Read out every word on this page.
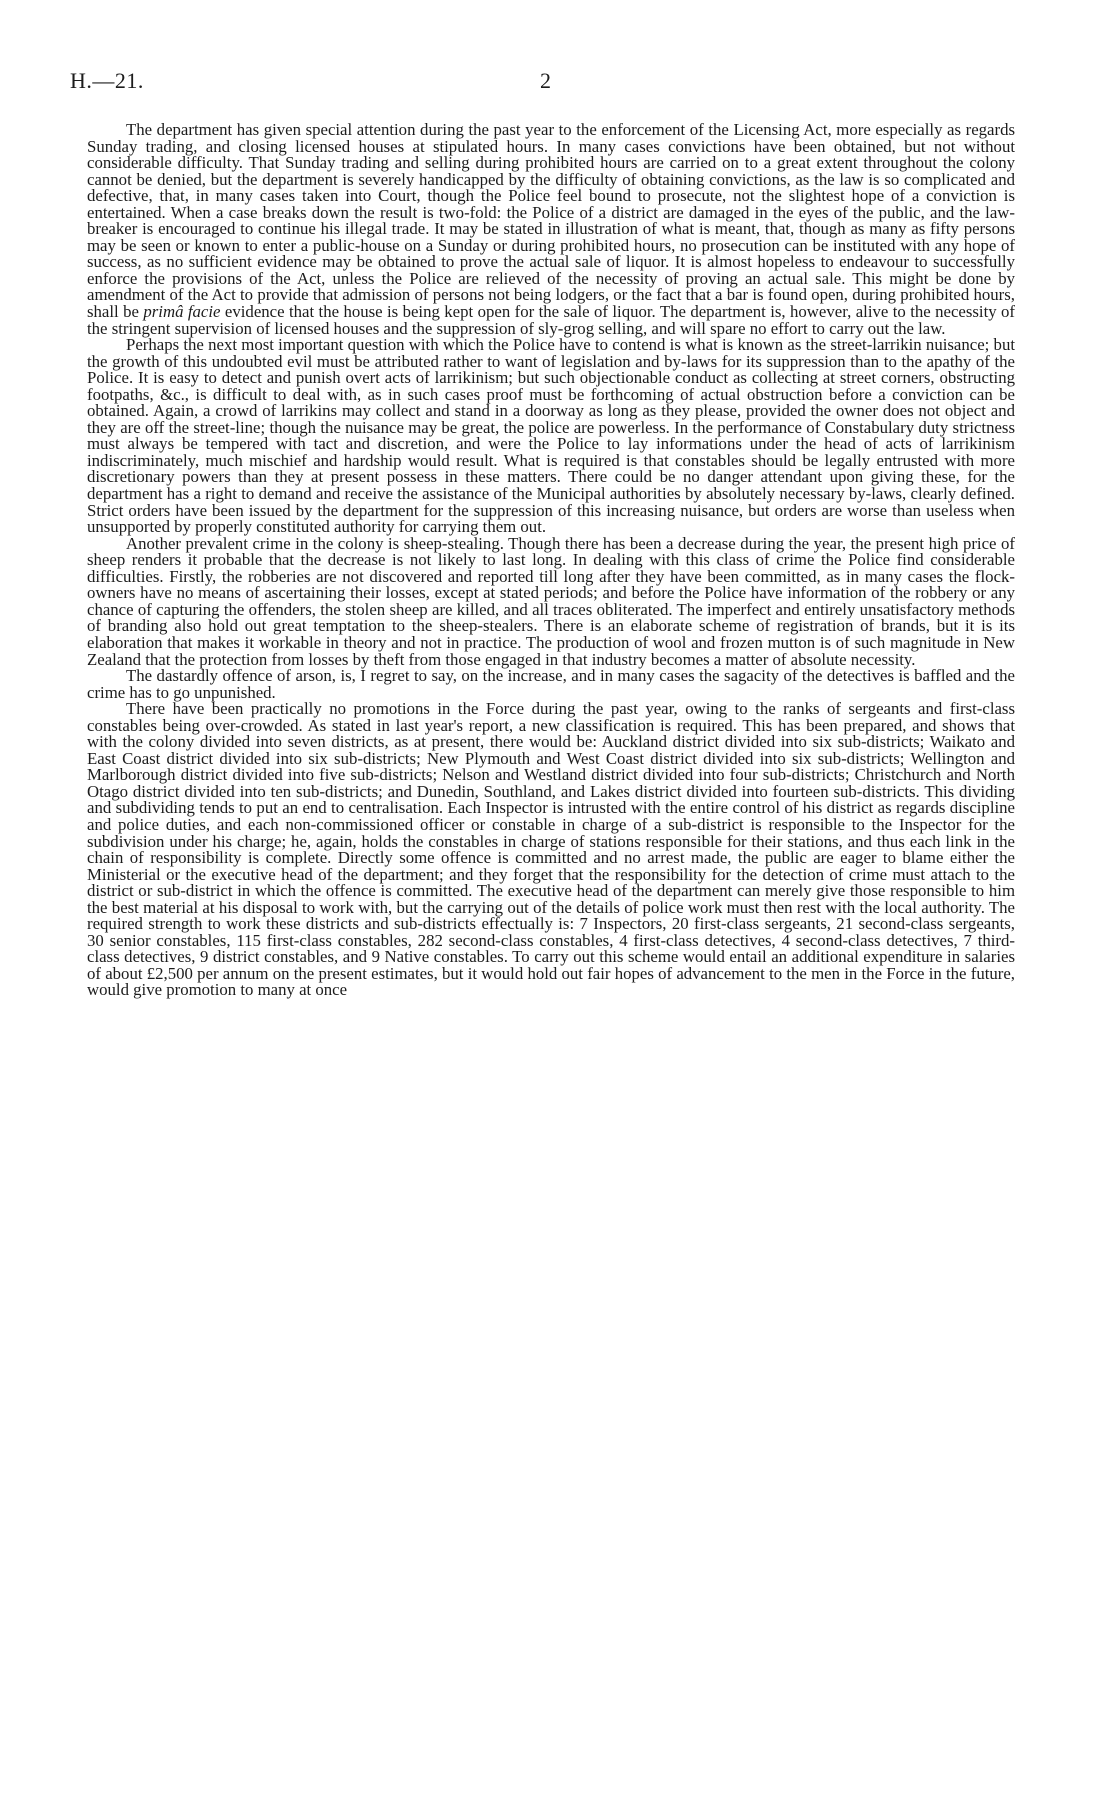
H.—21.	2

The department has given special attention during the past year to the enforcement of the Licensing Act, more especially as regards Sunday trading, and closing licensed houses at stipulated hours. In many cases convictions have been obtained, but not without considerable difficulty. That Sunday trading and selling during prohibited hours are carried on to a great extent throughout the colony cannot be denied, but the department is severely handicapped by the difficulty of obtaining convictions, as the law is so complicated and defective, that, in many cases taken into Court, though the Police feel bound to prosecute, not the slightest hope of a conviction is entertained. When a case breaks down the result is two-fold: the Police of a district are damaged in the eyes of the public, and the law-breaker is encouraged to continue his illegal trade. It may be stated in illustration of what is meant, that, though as many as fifty persons may be seen or known to enter a public-house on a Sunday or during prohibited hours, no prosecution can be instituted with any hope of success, as no sufficient evidence may be obtained to prove the actual sale of liquor. It is almost hopeless to endeavour to successfully enforce the provisions of the Act, unless the Police are relieved of the necessity of proving an actual sale. This might be done by amendment of the Act to provide that admission of persons not being lodgers, or the fact that a bar is found open, during prohibited hours, shall be primâ facie evidence that the house is being kept open for the sale of liquor. The department is, however, alive to the necessity of the stringent supervision of licensed houses and the suppression of sly-grog selling, and will spare no effort to carry out the law.

Perhaps the next most important question with which the Police have to contend is what is known as the street-larrikin nuisance; but the growth of this undoubted evil must be attributed rather to want of legislation and by-laws for its suppression than to the apathy of the Police. It is easy to detect and punish overt acts of larrikinism; but such objectionable conduct as collecting at street corners, obstructing footpaths, &c., is difficult to deal with, as in such cases proof must be forthcoming of actual obstruction before a conviction can be obtained. Again, a crowd of larrikins may collect and stand in a doorway as long as they please, provided the owner does not object and they are off the street-line; though the nuisance may be great, the police are powerless. In the performance of Constabulary duty strictness must always be tempered with tact and discretion, and were the Police to lay informations under the head of acts of larrikinism indiscriminately, much mischief and hardship would result. What is required is that constables should be legally entrusted with more discretionary powers than they at present possess in these matters. There could be no danger attendant upon giving these, for the department has a right to demand and receive the assistance of the Municipal authorities by absolutely necessary by-laws, clearly defined. Strict orders have been issued by the department for the suppression of this increasing nuisance, but orders are worse than useless when unsupported by properly constituted authority for carrying them out.

Another prevalent crime in the colony is sheep-stealing. Though there has been a decrease during the year, the present high price of sheep renders it probable that the decrease is not likely to last long. In dealing with this class of crime the Police find considerable difficulties. Firstly, the robberies are not discovered and reported till long after they have been committed, as in many cases the flock-owners have no means of ascertaining their losses, except at stated periods; and before the Police have information of the robbery or any chance of capturing the offenders, the stolen sheep are killed, and all traces obliterated. The imperfect and entirely unsatisfactory methods of branding also hold out great temptation to the sheep-stealers. There is an elaborate scheme of registration of brands, but it is its elaboration that makes it workable in theory and not in practice. The production of wool and frozen mutton is of such magnitude in New Zealand that the protection from losses by theft from those engaged in that industry becomes a matter of absolute necessity.

The dastardly offence of arson, is, I regret to say, on the increase, and in many cases the sagacity of the detectives is baffled and the crime has to go unpunished.

There have been practically no promotions in the Force during the past year, owing to the ranks of sergeants and first-class constables being over-crowded. As stated in last year's report, a new classification is required. This has been prepared, and shows that with the colony divided into seven districts, as at present, there would be: Auckland district divided into six sub-districts; Waikato and East Coast district divided into six sub-districts; New Plymouth and West Coast district divided into six sub-districts; Wellington and Marlborough district divided into five sub-districts; Nelson and Westland district divided into four sub-districts; Christchurch and North Otago district divided into ten sub-districts; and Dunedin, Southland, and Lakes district divided into fourteen sub-districts. This dividing and subdividing tends to put an end to centralisation. Each Inspector is intrusted with the entire control of his district as regards discipline and police duties, and each non-commissioned officer or constable in charge of a sub-district is responsible to the Inspector for the subdivision under his charge; he, again, holds the constables in charge of stations responsible for their stations, and thus each link in the chain of responsibility is complete. Directly some offence is committed and no arrest made, the public are eager to blame either the Ministerial or the executive head of the department; and they forget that the responsibility for the detection of crime must attach to the district or sub-district in which the offence is committed. The executive head of the department can merely give those responsible to him the best material at his disposal to work with, but the carrying out of the details of police work must then rest with the local authority. The required strength to work these districts and sub-districts effectually is: 7 Inspectors, 20 first-class sergeants, 21 second-class sergeants, 30 senior constables, 115 first-class constables, 282 second-class constables, 4 first-class detectives, 4 second-class detectives, 7 third-class detectives, 9 district constables, and 9 Native constables. To carry out this scheme would entail an additional expenditure in salaries of about £2,500 per annum on the present estimates, but it would hold out fair hopes of advancement to the men in the Force in the future, would give promotion to many at once
